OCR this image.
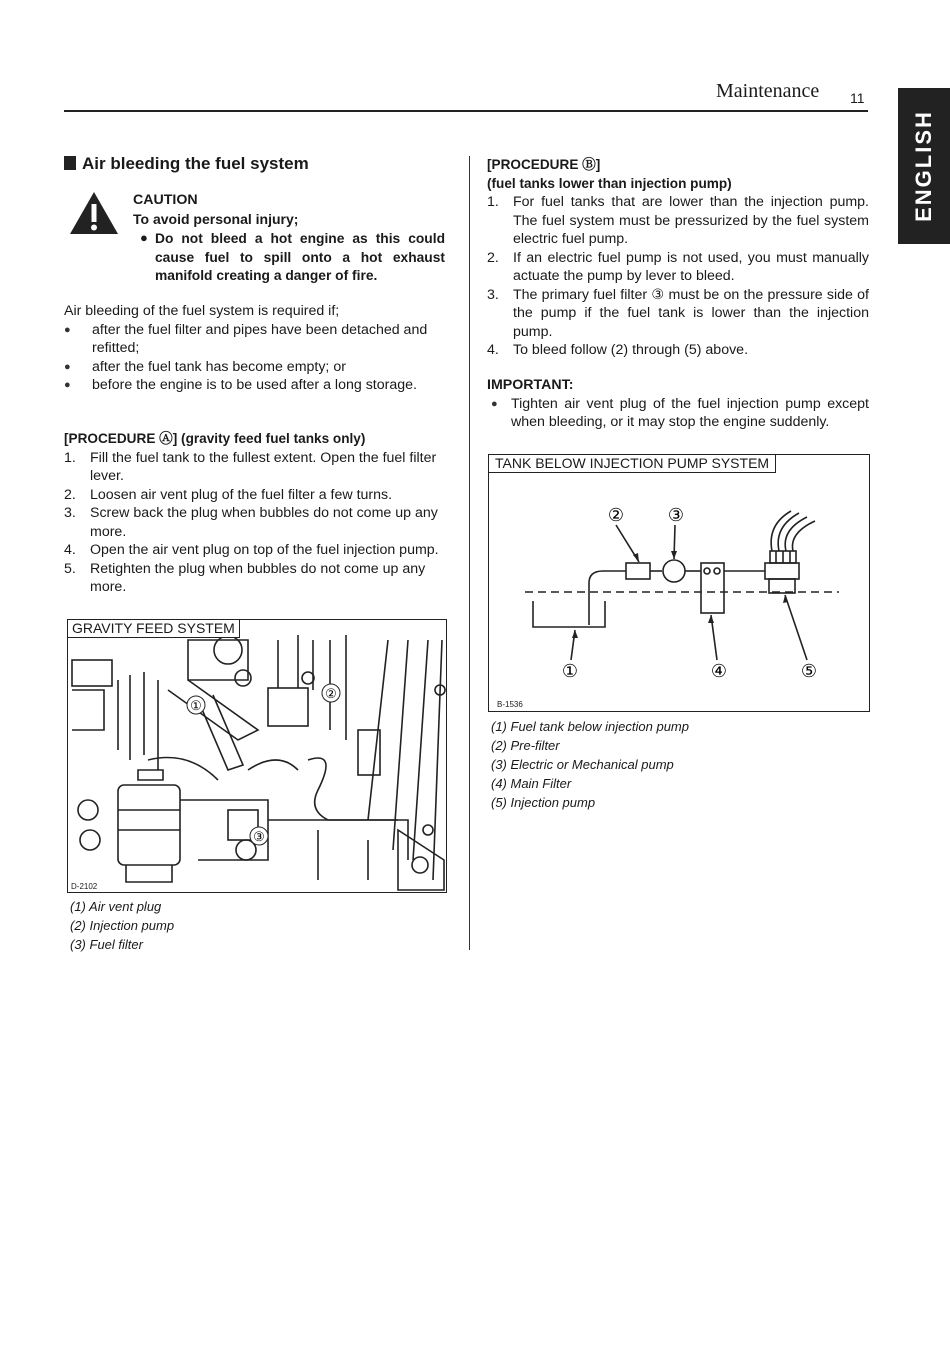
Maintenance 11
ENGLISH
Air bleeding the fuel system
CAUTION
To avoid personal injury;
● Do not bleed a hot engine as this could cause fuel to spill onto a hot exhaust manifold creating a danger of fire.
Air bleeding of the fuel system is required if;
● after the fuel filter and pipes have been detached and refitted;
● after the fuel tank has become empty; or
● before the engine is to be used after a long storage.
[PROCEDURE Ⓐ] (gravity feed fuel tanks only)
1. Fill the fuel tank to the fullest extent. Open the fuel filter lever.
2. Loosen air vent plug of the fuel filter a few turns.
3. Screw back the plug when bubbles do not come up any more.
4. Open the air vent plug on top of the fuel injection pump.
5. Retighten the plug when bubbles do not come up any more.
①
②
③
GRAVITY FEED SYSTEM
D-2102
(1) Air vent plug
(2) Injection pump
(3) Fuel filter
[PROCEDURE Ⓑ]
(fuel tanks lower than injection pump)
1. For fuel tanks that are lower than the injection pump. The fuel system must be pressurized by the fuel system electric fuel pump.
2. If an electric fuel pump is not used, you must manually actuate the pump by lever to bleed.
3. The primary fuel filter ③ must be on the pressure side of the pump if the fuel tank is lower than the injection pump.
4. To bleed follow (2) through (5) above.
IMPORTANT:
● Tighten air vent plug of the fuel injection pump except when bleeding, or it may stop the engine suddenly.
①
② ③
④	⑤
TANK BELOW INJECTION PUMP SYSTEM
B-1536
(1) Fuel tank below injection pump
(2) Pre-filter
(3) Electric or Mechanical pump
(4) Main Filter
(5) Injection pump
